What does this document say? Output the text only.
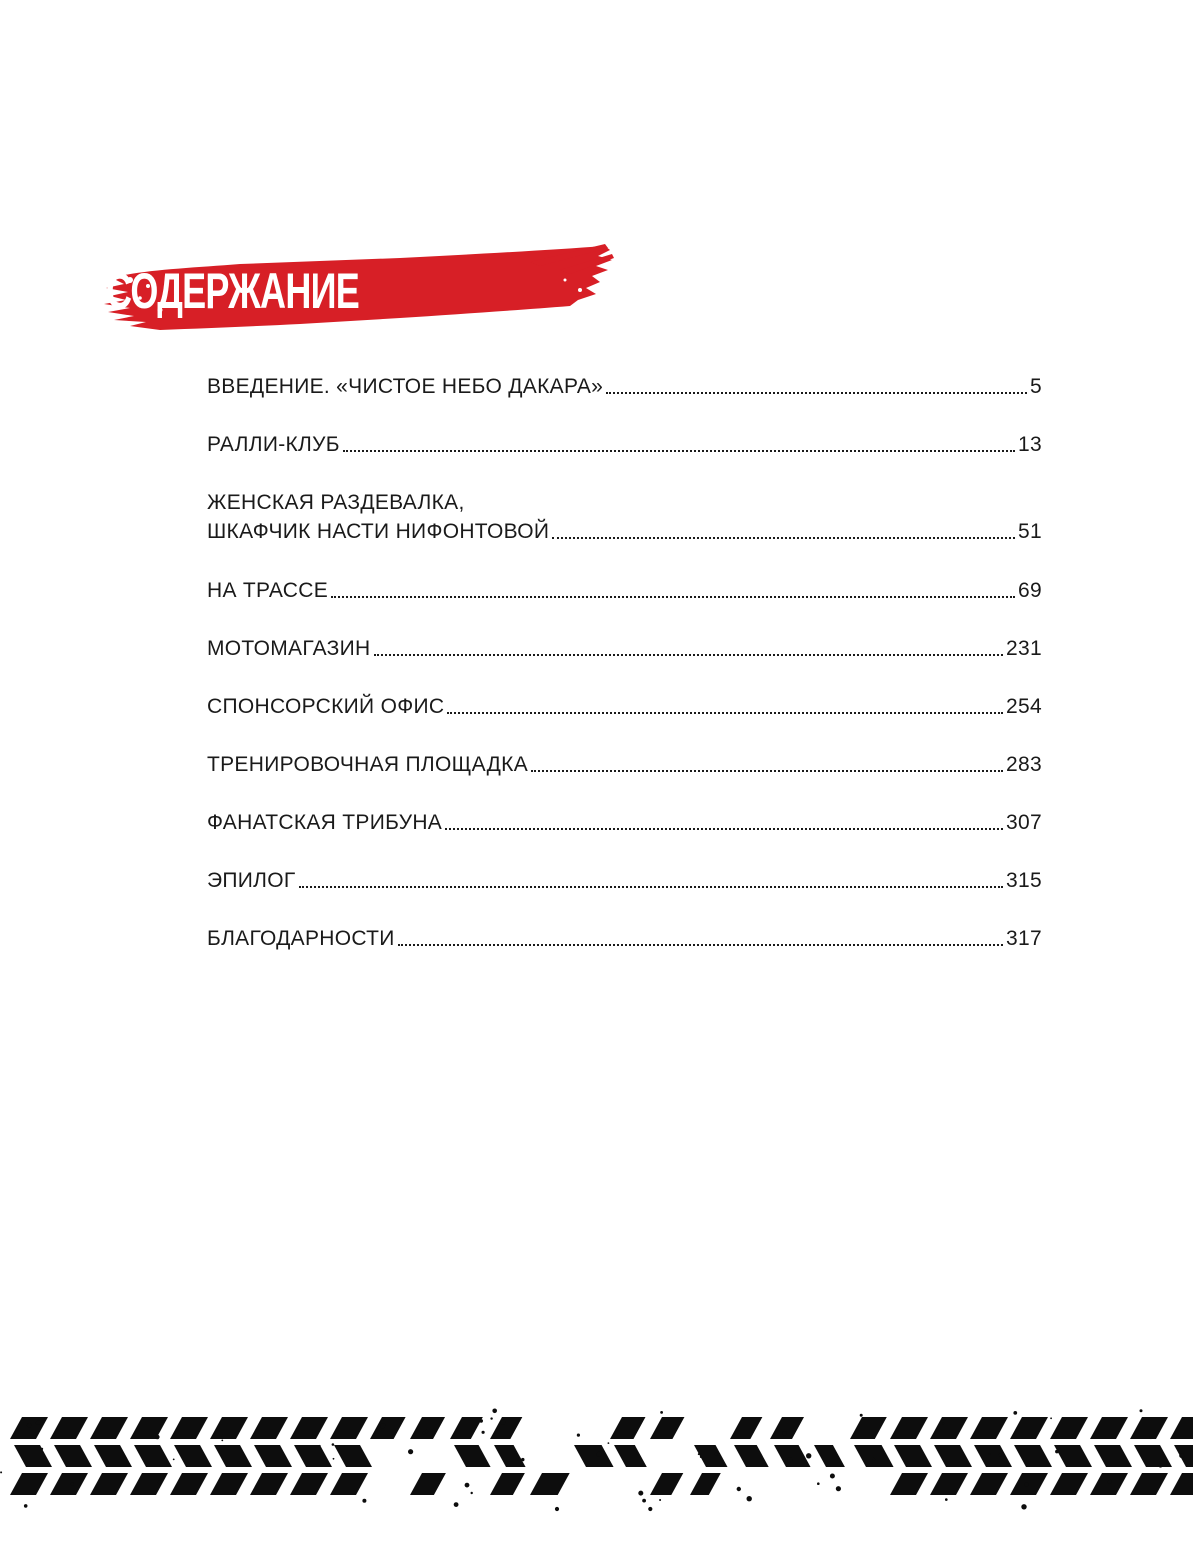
СОДЕРЖАНИЕ
ВВЕДЕНИЕ. «ЧИСТОЕ НЕБО ДАКАРА»	5
РАЛЛИ-КЛУБ	13
ЖЕНСКАЯ РАЗДЕВАЛКА,
ШКАФЧИК НАСТИ НИФОНТОВОЙ	51
НА ТРАССЕ	69
МОТОМАГАЗИН	231
СПОНСОРСКИЙ ОФИС	254
ТРЕНИРОВОЧНАЯ ПЛОЩАДКА	283
ФАНАТСКАЯ ТРИБУНА	307
ЭПИЛОГ	315
БЛАГОДАРНОСТИ	317
